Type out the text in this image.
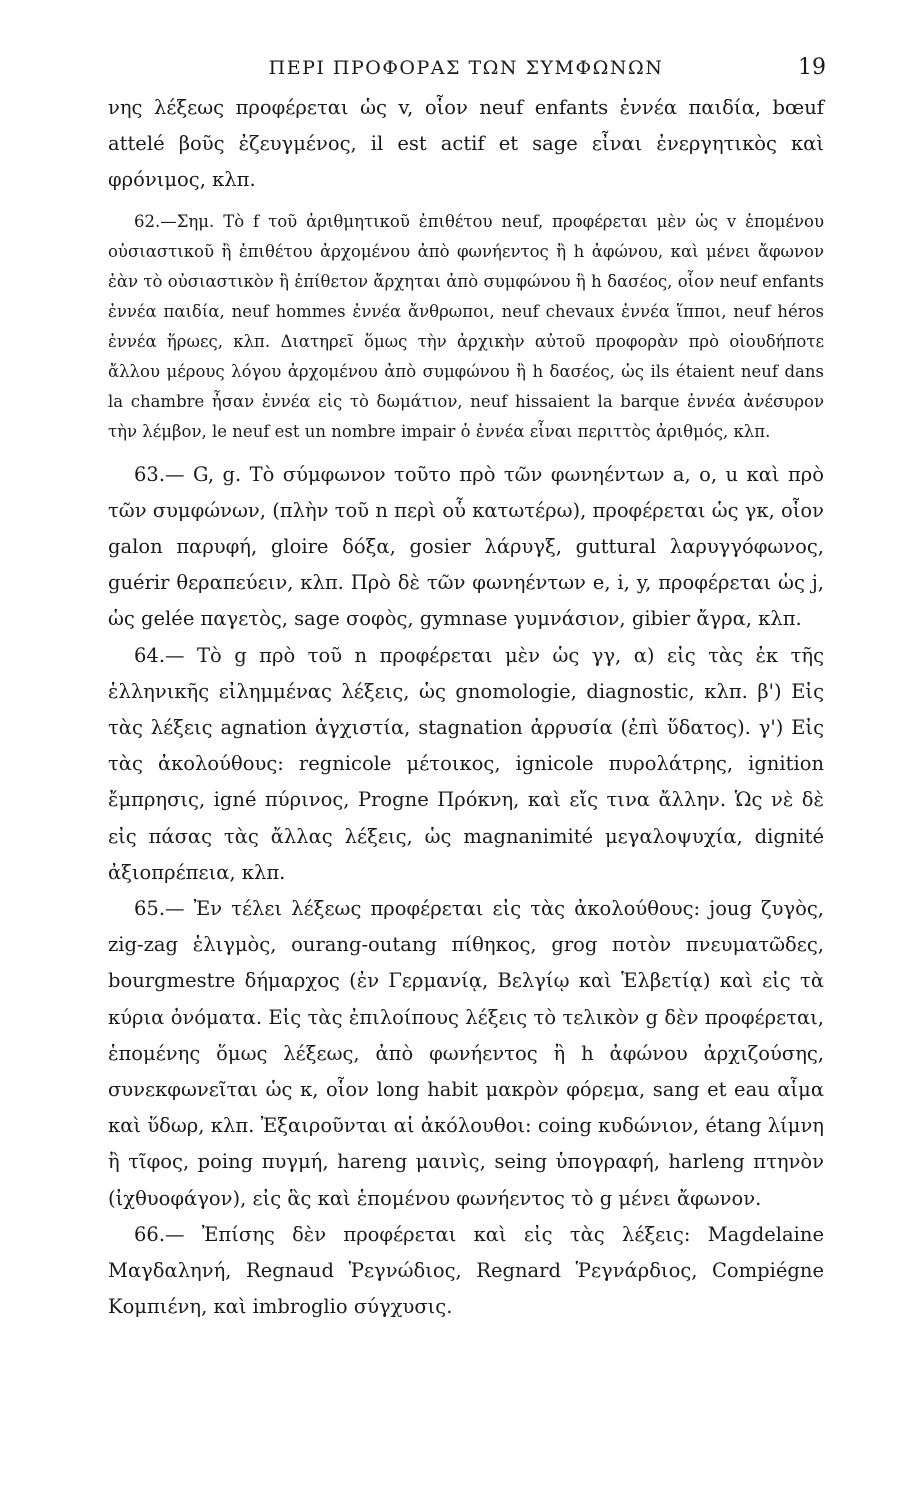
ΠΕΡΙ ΠΡΟΦΟΡΑΣ ΤΩΝ ΣΥΜΦΩΝΩΝ	19

νης λέξεως προφέρεται ὡς v, οἷον neuf enfants ἐννέα παιδία, bœuf attelé βοῦς ἐζευγμένος, il est actif et sage εἶναι ἐνεργητικὸς καὶ φρόνιμος, κλπ.

62.—Σημ. Τὸ f τοῦ ἀριθμητικοῦ ἐπιθέτου neuf, προφέρεται μὲν ὡς v ἑπομένου οὐσιαστικοῦ ἢ ἐπιθέτου ἀρχομένου ἀπὸ φωνήεντος ἢ h ἀφώνου, καὶ μένει ἄφωνον ἐὰν τὸ οὐσιαστικὸν ἢ ἐπίθετον ἄρχηται ἀπὸ συμφώνου ἢ h δασέος, οἷον neuf enfants ἐννέα παιδία, neuf hommes ἐννέα ἄνθρωποι, neuf chevaux ἐννέα ἵπποι, neuf héros ἐννέα ἥρωες, κλπ. Διατηρεῖ ὅμως τὴν ἀρχικὴν αὐτοῦ προφορὰν πρὸ οἱουδήποτε ἄλλου μέρους λόγου ἀρχομένου ἀπὸ συμφώνου ἢ h δασέος, ὡς ils étaient neuf dans la chambre ἦσαν ἐννέα εἰς τὸ δωμάτιον, neuf hissaient la barque ἐννέα ἀνέσυρον τὴν λέμβον, le neuf est un nombre impair ὁ ἐννέα εἶναι περιττὸς ἀριθμός, κλπ.

63.— G, g. Τὸ σύμφωνον τοῦτο πρὸ τῶν φωνηέντων a, o, u καὶ πρὸ τῶν συμφώνων, (πλὴν τοῦ n περὶ οὗ κατωτέρω), προφέρεται ὡς γκ, οἷον galon παρυφή, gloire δόξα, gosier λάρυγξ, guttural λαρυγγόφωνος, guérir θεραπεύειν, κλπ. Πρὸ δὲ τῶν φωνηέντων e, i, y, προφέρεται ὡς j, ὡς gelée παγετὸς, sage σοφὸς, gymnase γυμνάσιον, gibier ἄγρα, κλπ.

64.— Τὸ g πρὸ τοῦ n προφέρεται μὲν ὡς γγ, α) εἰς τὰς ἐκ τῆς ἑλληνικῆς εἰλημμένας λέξεις, ὡς gnomologie, diagnostic, κλπ. β') Εἰς τὰς λέξεις agnation ἀγχιστία, stagnation ἀρρυσία (ἐπὶ ὕδατος). γ') Εἰς τὰς ἀκολούθους: regnicole μέτοικος, ignicole πυρολάτρης, ignition ἔμπρησις, igné πύρινος, Progne Πρόκνη, καὶ εἴς τινα ἄλλην. Ὡς νὲ δὲ εἰς πάσας τὰς ἄλλας λέξεις, ὡς magnanimité μεγαλοψυχία, dignité ἀξιοπρέπεια, κλπ.

65.— Ἐν τέλει λέξεως προφέρεται εἰς τὰς ἀκολούθους: joug ζυγὸς, zig-zag ἑλιγμὸς, ourang-outang πίθηκος, grog ποτὸν πνευματῶδες, bourgmestre δήμαρχος (ἐν Γερμανίᾳ, Βελγίῳ καὶ Ἑλβετίᾳ) καὶ εἰς τὰ κύρια ὀνόματα. Εἰς τὰς ἐπιλοίπους λέξεις τὸ τελικὸν g δὲν προφέρεται, ἑπομένης ὅμως λέξεως, ἀπὸ φωνήεντος ἢ h ἀφώνου ἀρχιζούσης, συνεκφωνεῖται ὡς κ, οἷον long habit μακρὸν φόρεμα, sang et eau αἷμα καὶ ὕδωρ, κλπ. Ἐξαιροῦνται αἱ ἀκόλουθοι: coing κυδώνιον, étang λίμνη ἢ τῖφος, poing πυγμή, hareng μαινὶς, seing ὑπογραφή, harleng πτηνὸν (ἰχθυοφάγον), εἰς ἃς καὶ ἑπομένου φωνήεντος τὸ g μένει ἄφωνον.

66.— Ἐπίσης δὲν προφέρεται καὶ εἰς τὰς λέξεις: Magdelaine Μαγδαληνή, Regnaud Ῥεγνώδιος, Regnard Ῥεγνάρδιος, Compiégne Κομπιένη, καὶ imbroglio σύγχυσις.
